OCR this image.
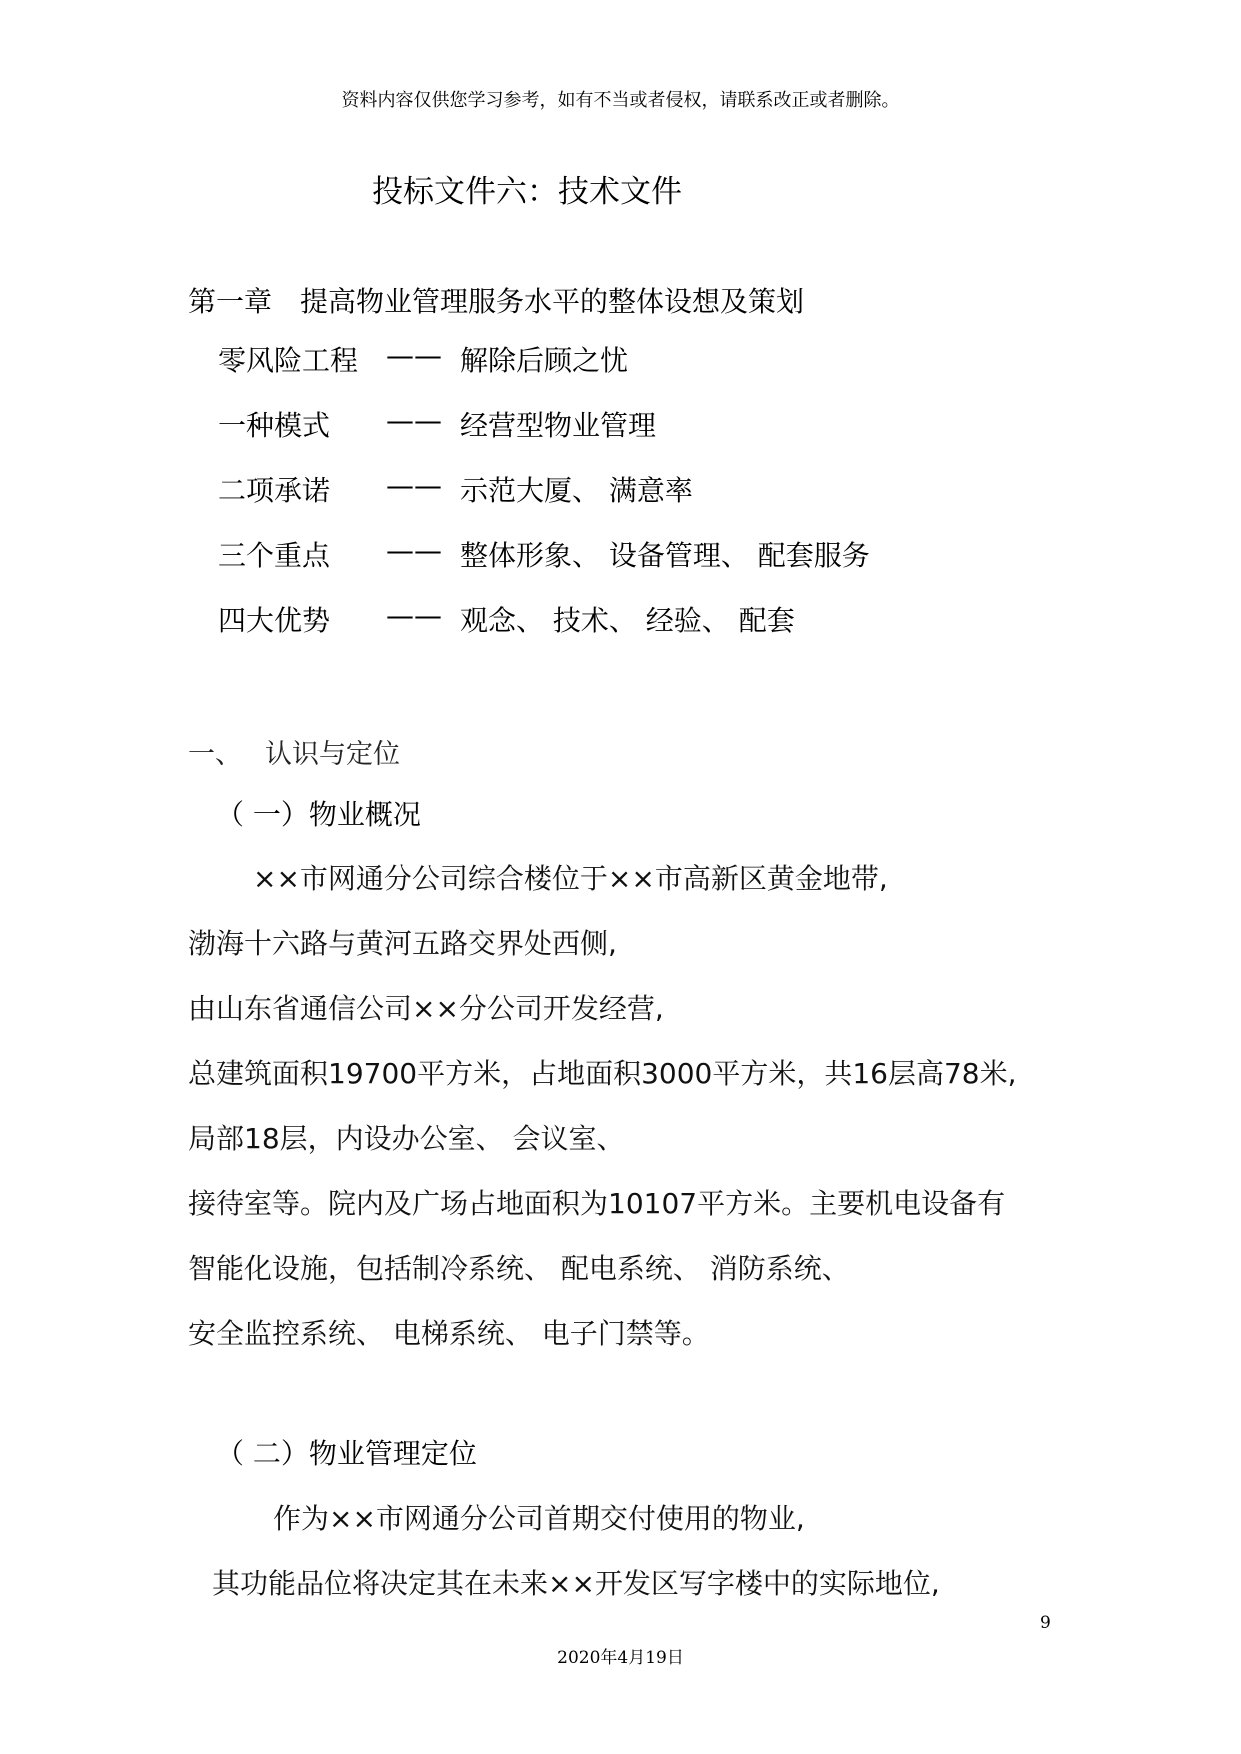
资料内容仅供您学习参考，如有不当或者侵权，请联系改正或者删除。
投标文件六：技术文件
第一章　提高物业管理服务水平的整体设想及策划
零风险工程 —— 解除后顾之忧
一种模式 —— 经营型物业管理
二项承诺 —— 示范大厦、 满意率
三个重点 —— 整体形象、 设备管理、 配套服务
四大优势 —— 观念、 技术、 经验、 配套
一、 认识与定位
（ 一）物业概况
××市网通分公司综合楼位于××市高新区黄金地带,
渤海十六路与黄河五路交界处西侧,
由山东省通信公司××分公司开发经营,
总建筑面积19700平方米，占地面积3000平方米，共16层高78米,
局部18层，内设办公室、 会议室、
接待室等。院内及广场占地面积为10107平方米。主要机电设备有
智能化设施，包括制冷系统、 配电系统、 消防系统、
安全监控系统、 电梯系统、 电子门禁等。
（ 二）物业管理定位
作为××市网通分公司首期交付使用的物业,
其功能品位将决定其在未来××开发区写字楼中的实际地位,
9
2020年4月19日
